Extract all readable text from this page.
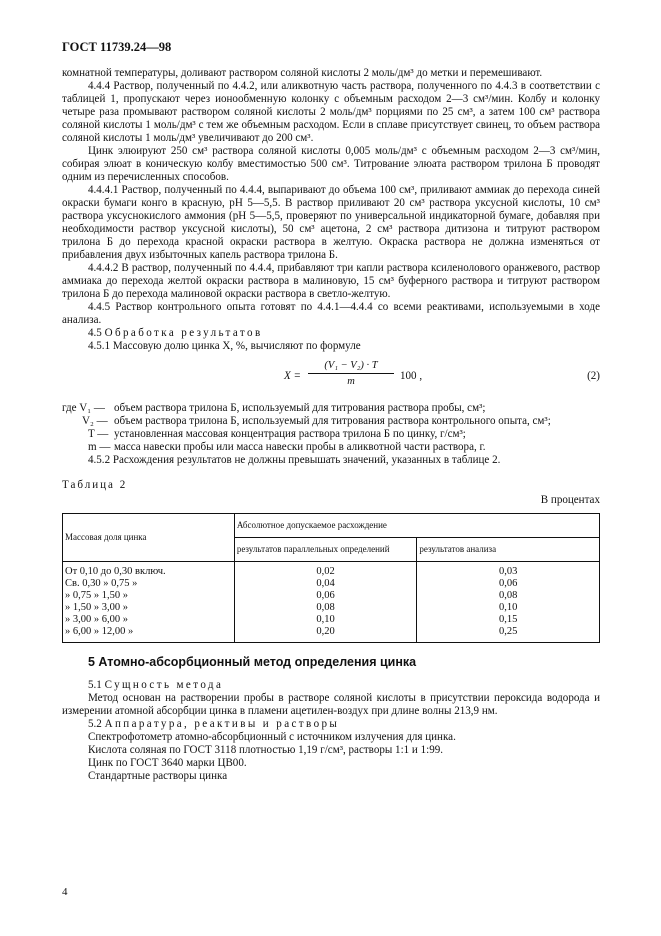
ГОСТ 11739.24—98

комнатной температуры, доливают раствором соляной кислоты 2 моль/дм³ до метки и перемешивают.

4.4.4 Раствор, полученный по 4.4.2, или аликвотную часть раствора, полученного по 4.4.3 в соответствии с таблицей 1, пропускают через ионообменную колонку с объемным расходом 2—3 см³/мин. Колбу и колонку четыре раза промывают раствором соляной кислоты 2 моль/дм³ порциями по 25 см³, а затем 100 см³ раствора соляной кислоты 1 моль/дм³ с тем же объемным расходом. Если в сплаве присутствует свинец, то объем раствора соляной кислоты 1 моль/дм³ увеличивают до 200 см³.

Цинк элюируют 250 см³ раствора соляной кислоты 0,005 моль/дм³ с объемным расходом 2—3 см³/мин, собирая элюат в коническую колбу вместимостью 500 см³. Титрование элюата раствором трилона Б проводят одним из перечисленных способов.

4.4.4.1 Раствор, полученный по 4.4.4, выпаривают до объема 100 см³, приливают аммиак до перехода синей окраски бумаги конго в красную, рН 5—5,5. В раствор приливают 20 см³ раствора уксусной кислоты, 10 см³ раствора уксуснокислого аммония (рН 5—5,5, проверяют по универсальной индикаторной бумаге, добавляя при необходимости раствор уксусной кислоты), 50 см³ ацетона, 2 см³ раствора дитизона и титруют раствором трилона Б до перехода красной окраски раствора в желтую. Окраска раствора не должна изменяться от прибавления двух избыточных капель раствора трилона Б.

4.4.4.2 В раствор, полученный по 4.4.4, прибавляют три капли раствора ксиленолового оранжевого, раствор аммиака до перехода желтой окраски раствора в малиновую, 15 см³ буферного раствора и титруют раствором трилона Б до перехода малиновой окраски раствора в светло-желтую.

4.4.5 Раствор контрольного опыта готовят по 4.4.1—4.4.4 со всеми реактивами, используемыми в ходе анализа.

4.5 Обработка результатов

4.5.1 Массовую долю цинка X, %, вычисляют по формуле

$X = \frac{\text{(V₁ − V₂) · T}}{m} 100$ ,	(2)
где V₁ — объем раствора трилона Б, используемый для титрования раствора пробы, см³;
V₂ — объем раствора трилона Б, используемый для титрования раствора контрольного опыта, см³;
T — установленная массовая концентрация раствора трилона Б по цинку, г/см³;
m — масса навески пробы или масса навески пробы в аликвотной части раствора, г.

4.5.2 Расхождения результатов не должны превышать значений, указанных в таблице 2.

Таблица 2
В процентах
Массовая доля цинка	Абсолютное допускаемое расхождение	
	результатов параллельных определений	результатов анализа
От 0,10 до 0,30 включ.	0,02	0,03
Св. 0,30 » 0,75 »	0,04	0,06
» 0,75 » 1,50 »	0,06	0,08
» 1,50 » 3,00 »	0,08	0,10
» 3,00 » 6,00 »	0,10	0,15
» 6,00 » 12,00 »	0,20	0,25
5 Атомно-абсорбционный метод определения цинка

5.1 Сущность метода

Метод основан на растворении пробы в растворе соляной кислоты в присутствии пероксида водорода и измерении атомной абсорбции цинка в пламени ацетилен-воздух при длине волны 213,9 нм.

5.2 Аппаратура, реактивы и растворы

Спектрофотометр атомно-абсорбционный с источником излучения для цинка.

Кислота соляная по ГОСТ 3118 плотностью 1,19 г/см³, растворы 1:1 и 1:99.

Цинк по ГОСТ 3640 марки ЦВ00.

Стандартные растворы цинка

4
